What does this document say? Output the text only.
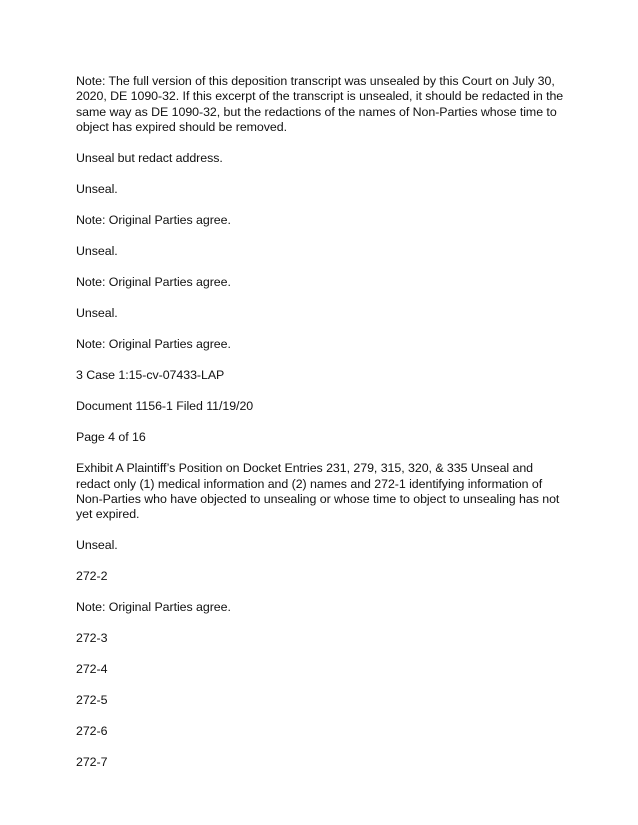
Note: The full version of this deposition transcript was unsealed by this Court on July 30, 2020, DE 1090-32. If this excerpt of the transcript is unsealed, it should be redacted in the same way as DE 1090-32, but the redactions of the names of Non-Parties whose time to object has expired should be removed.

Unseal but redact address.

Unseal.

Note: Original Parties agree.

Unseal.

Note: Original Parties agree.

Unseal.

Note: Original Parties agree.

3 Case 1:15-cv-07433-LAP

Document 1156-1 Filed 11/19/20

Page 4 of 16

Exhibit A Plaintiff’s Position on Docket Entries 231, 279, 315, 320, & 335 Unseal and redact only (1) medical information and (2) names and 272-1 identifying information of Non-Parties who have objected to unsealing or whose time to object to unsealing has not yet expired.

Unseal.

272-2

Note: Original Parties agree.

272-3

272-4

272-5

272-6

272-7
